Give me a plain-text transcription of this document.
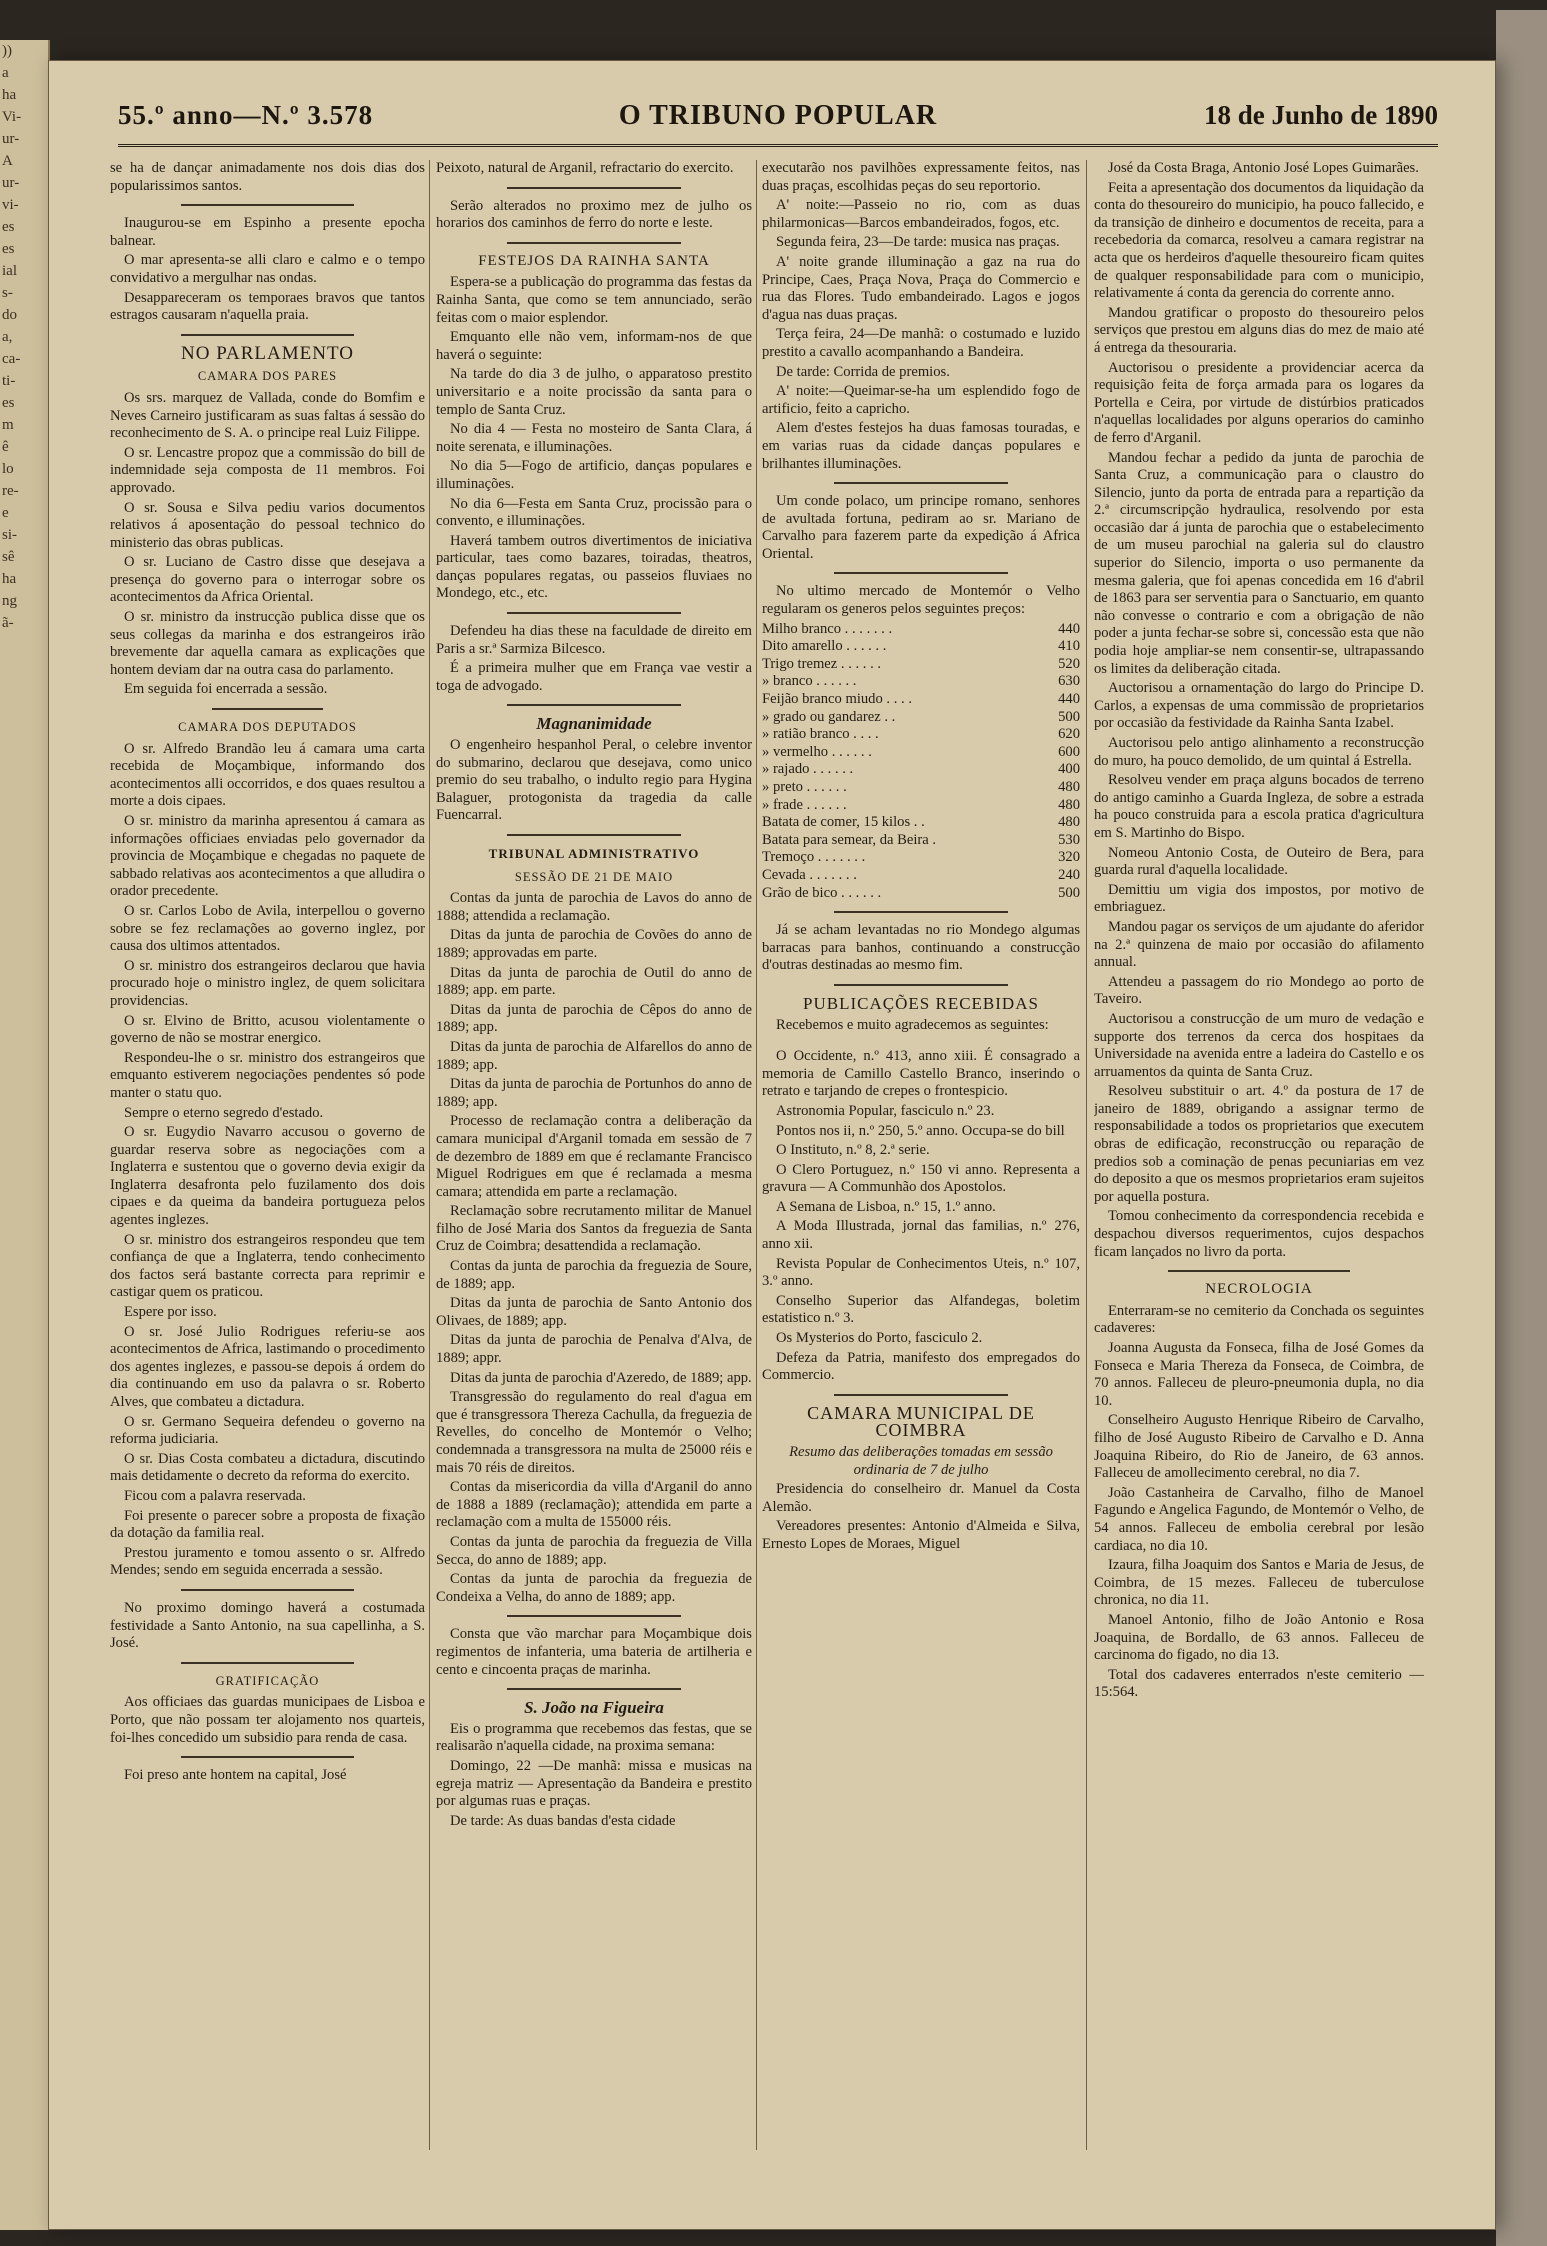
))
a
ha
Vi-
ur-
A
ur-
vi-
es
es
ial
s-
do
a,
ca-
ti-
es
m
ê
lo
re-
e
si-
sê
ha
ng
ã-
55.º anno—N.º 3.578	O TRIBUNO POPULAR	18 de Junho de 1890

se ha de dançar animadamente nos dois dias dos popularissimos santos.

Inaugurou-se em Espinho a presente epocha balnear.

O mar apresenta-se alli claro e calmo e o tempo convidativo a mergulhar nas ondas.

Desappareceram os temporaes bravos que tantos estragos causaram n'aquella praia.

NO PARLAMENTO
CAMARA DOS PARES

Os srs. marquez de Vallada, conde do Bomfim e Neves Carneiro justificaram as suas faltas á sessão do reconhecimento de S. A. o principe real Luiz Filippe.

O sr. Lencastre propoz que a commissão do bill de indemnidade seja composta de 11 membros. Foi approvado.

O sr. Sousa e Silva pediu varios documentos relativos á aposentação do pessoal technico do ministerio das obras publicas.

O sr. Luciano de Castro disse que desejava a presença do governo para o interrogar sobre os acontecimentos da Africa Oriental.

O sr. ministro da instrucção publica disse que os seus collegas da marinha e dos estrangeiros irão brevemente dar aquella camara as explicações que hontem deviam dar na outra casa do parlamento.

Em seguida foi encerrada a sessão.

CAMARA DOS DEPUTADOS

O sr. Alfredo Brandão leu á camara uma carta recebida de Moçambique, informando dos acontecimentos alli occorridos, e dos quaes resultou a morte a dois cipaes.

O sr. ministro da marinha apresentou á camara as informações officiaes enviadas pelo governador da provincia de Moçambique e chegadas no paquete de sabbado relativas aos acontecimentos a que alludira o orador precedente.

O sr. Carlos Lobo de Avila, interpellou o governo sobre se fez reclamações ao governo inglez, por causa dos ultimos attentados.

O sr. ministro dos estrangeiros declarou que havia procurado hoje o ministro inglez, de quem solicitara providencias.

O sr. Elvino de Britto, acusou violentamente o governo de não se mostrar energico.

Respondeu-lhe o sr. ministro dos estrangeiros que emquanto estiverem negociações pendentes só pode manter o statu quo.

Sempre o eterno segredo d'estado.

O sr. Eugydio Navarro accusou o governo de guardar reserva sobre as negociações com a Inglaterra e sustentou que o governo devia exigir da Inglaterra desafronta pelo fuzilamento dos dois cipaes e da queima da bandeira portugueza pelos agentes inglezes.

O sr. ministro dos estrangeiros respondeu que tem confiança de que a Inglaterra, tendo conhecimento dos factos será bastante correcta para reprimir e castigar quem os praticou.

Espere por isso.

O sr. José Julio Rodrigues referiu-se aos acontecimentos de Africa, lastimando o procedimento dos agentes inglezes, e passou-se depois á ordem do dia continuando em uso da palavra o sr. Roberto Alves, que combateu a dictadura.

O sr. Germano Sequeira defendeu o governo na reforma judiciaria.

O sr. Dias Costa combateu a dictadura, discutindo mais detidamente o decreto da reforma do exercito.

Ficou com a palavra reservada.

Foi presente o parecer sobre a proposta de fixação da dotação da familia real.

Prestou juramento e tomou assento o sr. Alfredo Mendes; sendo em seguida encerrada a sessão.

No proximo domingo haverá a costumada festividade a Santo Antonio, na sua capellinha, a S. José.

GRATIFICAÇÃO

Aos officiaes das guardas municipaes de Lisboa e Porto, que não possam ter alojamento nos quarteis, foi-lhes concedido um subsidio para renda de casa.

Foi preso ante hontem na capital, José

Peixoto, natural de Arganil, refractario do exercito.

Serão alterados no proximo mez de julho os horarios dos caminhos de ferro do norte e leste.

FESTEJOS DA RAINHA SANTA

Espera-se a publicação do programma das festas da Rainha Santa, que como se tem annunciado, serão feitas com o maior esplendor.

Emquanto elle não vem, informam-nos de que haverá o seguinte:

Na tarde do dia 3 de julho, o apparatoso prestito universitario e a noite procissão da santa para o templo de Santa Cruz.

No dia 4 — Festa no mosteiro de Santa Clara, á noite serenata, e illuminações.

No dia 5—Fogo de artificio, danças populares e illuminações.

No dia 6—Festa em Santa Cruz, procissão para o convento, e illuminações.

Haverá tambem outros divertimentos de iniciativa particular, taes como bazares, toiradas, theatros, danças populares regatas, ou passeios fluviaes no Mondego, etc., etc.

Defendeu ha dias these na faculdade de direito em Paris a sr.ª Sarmiza Bilcesco.

É a primeira mulher que em França vae vestir a toga de advogado.

Magnanimidade

O engenheiro hespanhol Peral, o celebre inventor do submarino, declarou que desejava, como unico premio do seu trabalho, o indulto regio para Hygina Balaguer, protogonista da tragedia da calle Fuencarral.

TRIBUNAL ADMINISTRATIVO
SESSÃO DE 21 DE MAIO

Contas da junta de parochia de Lavos do anno de 1888; attendida a reclamação.

Ditas da junta de parochia de Covões do anno de 1889; approvadas em parte.

Ditas da junta de parochia de Outil do anno de 1889; app. em parte.

Ditas da junta de parochia de Cêpos do anno de 1889; app.

Ditas da junta de parochia de Alfarellos do anno de 1889; app.

Ditas da junta de parochia de Portunhos do anno de 1889; app.

Processo de reclamação contra a deliberação da camara municipal d'Arganil tomada em sessão de 7 de dezembro de 1889 em que é reclamante Francisco Miguel Rodrigues em que é reclamada a mesma camara; attendida em parte a reclamação.

Reclamação sobre recrutamento militar de Manuel filho de José Maria dos Santos da freguezia de Santa Cruz de Coimbra; desattendida a reclamação.

Contas da junta de parochia da freguezia de Soure, de 1889; app.

Ditas da junta de parochia de Santo Antonio dos Olivaes, de 1889; app.

Ditas da junta de parochia de Penalva d'Alva, de 1889; appr.

Ditas da junta de parochia d'Azeredo, de 1889; app.

Transgressão do regulamento do real d'agua em que é transgressora Thereza Cachulla, da freguezia de Revelles, do concelho de Montemór o Velho; condemnada a transgressora na multa de 25000 réis e mais 70 réis de direitos.

Contas da misericordia da villa d'Arganil do anno de 1888 a 1889 (reclamação); attendida em parte a reclamação com a multa de 155000 réis.

Contas da junta de parochia da freguezia de Villa Secca, do anno de 1889; app.

Contas da junta de parochia da freguezia de Condeixa a Velha, do anno de 1889; app.

Consta que vão marchar para Moçambique dois regimentos de infanteria, uma bateria de artilheria e cento e cincoenta praças de marinha.

S. João na Figueira

Eis o programma que recebemos das festas, que se realisarão n'aquella cidade, na proxima semana:

Domingo, 22 —De manhã: missa e musicas na egreja matriz — Apresentação da Bandeira e prestito por algumas ruas e praças.

De tarde: As duas bandas d'esta cidade

executarão nos pavilhões expressamente feitos, nas duas praças, escolhidas peças do seu reportorio.

A' noite:—Passeio no rio, com as duas philarmonicas—Barcos embandeirados, fogos, etc.

Segunda feira, 23—De tarde: musica nas praças.

A' noite grande illuminação a gaz na rua do Principe, Caes, Praça Nova, Praça do Commercio e rua das Flores. Tudo embandeirado. Lagos e jogos d'agua nas duas praças.

Terça feira, 24—De manhã: o costumado e luzido prestito a cavallo acompanhando a Bandeira.

De tarde: Corrida de premios.

A' noite:—Queimar-se-ha um esplendido fogo de artificio, feito a capricho.

Alem d'estes festejos ha duas famosas touradas, e em varias ruas da cidade danças populares e brilhantes illuminações.

Um conde polaco, um principe romano, senhores de avultada fortuna, pediram ao sr. Mariano de Carvalho para fazerem parte da expedição á Africa Oriental.

No ultimo mercado de Montemór o Velho regularam os generos pelos seguintes preços:

Milho branco . . . . . . .	440
Dito amarello . . . . . .	410
Trigo tremez . . . . . .	520
» branco . . . . . .	630
Feijão branco miudo . . . .	440
» grado ou gandarez . .	500
» ratião branco . . . .	620
» vermelho . . . . . .	600
» rajado . . . . . .	400
» preto . . . . . .	480
» frade . . . . . .	480
Batata de comer, 15 kilos . .	480
Batata para semear, da Beira .	530
Tremoço . . . . . . .	320
Cevada . . . . . . .	240
Grão de bico . . . . . .	500

Já se acham levantadas no rio Mondego algumas barracas para banhos, continuando a construcção d'outras destinadas ao mesmo fim.

PUBLICAÇÕES RECEBIDAS

Recebemos e muito agradecemos as seguintes:

O Occidente, n.º 413, anno xiii. É consagrado a memoria de Camillo Castello Branco, inserindo o retrato e tarjando de crepes o frontespicio.

Astronomia Popular, fasciculo n.º 23.

Pontos nos ii, n.º 250, 5.º anno. Occupa-se do bill

O Instituto, n.º 8, 2.ª serie.

O Clero Portuguez, n.º 150 vi anno. Representa a gravura — A Communhão dos Apostolos.

A Semana de Lisboa, n.º 15, 1.º anno.

A Moda Illustrada, jornal das familias, n.º 276, anno xii.

Revista Popular de Conhecimentos Uteis, n.º 107, 3.º anno.

Conselho Superior das Alfandegas, boletim estatistico n.º 3.

Os Mysterios do Porto, fasciculo 2.

Defeza da Patria, manifesto dos empregados do Commercio.

CAMARA MUNICIPAL DE COIMBRA

Resumo das deliberações tomadas em sessão ordinaria de 7 de julho

Presidencia do conselheiro dr. Manuel da Costa Alemão.

Vereadores presentes: Antonio d'Almeida e Silva, Ernesto Lopes de Moraes, Miguel

José da Costa Braga, Antonio José Lopes Guimarães.

Feita a apresentação dos documentos da liquidação da conta do thesoureiro do municipio, ha pouco fallecido, e da transição de dinheiro e documentos de receita, para a recebedoria da comarca, resolveu a camara registrar na acta que os herdeiros d'aquelle thesoureiro ficam quites de qualquer responsabilidade para com o municipio, relativamente á conta da gerencia do corrente anno.

Mandou gratificar o proposto do thesoureiro pelos serviços que prestou em alguns dias do mez de maio até á entrega da thesouraria.

Auctorisou o presidente a providenciar acerca da requisição feita de força armada para os logares da Portella e Ceira, por virtude de distúrbios praticados n'aquellas localidades por alguns operarios do caminho de ferro d'Arganil.

Mandou fechar a pedido da junta de parochia de Santa Cruz, a communicação para o claustro do Silencio, junto da porta de entrada para a repartição da 2.ª circumscripção hydraulica, resolvendo por esta occasião dar á junta de parochia que o estabelecimento de um museu parochial na galeria sul do claustro superior do Silencio, importa o uso permanente da mesma galeria, que foi apenas concedida em 16 d'abril de 1863 para ser serventia para o Sanctuario, em quanto não convesse o contrario e com a obrigação de não poder a junta fechar-se sobre si, concessão esta que não podia hoje ampliar-se nem consentir-se, ultrapassando os limites da deliberação citada.

Auctorisou a ornamentação do largo do Principe D. Carlos, a expensas de uma commissão de proprietarios por occasião da festividade da Rainha Santa Izabel.

Auctorisou pelo antigo alinhamento a reconstrucção do muro, ha pouco demolido, de um quintal á Estrella.

Resolveu vender em praça alguns bocados de terreno do antigo caminho a Guarda Ingleza, de sobre a estrada ha pouco construida para a escola pratica d'agricultura em S. Martinho do Bispo.

Nomeou Antonio Costa, de Outeiro de Bera, para guarda rural d'aquella localidade.

Demittiu um vigia dos impostos, por motivo de embriaguez.

Mandou pagar os serviços de um ajudante do aferidor na 2.ª quinzena de maio por occasião do afilamento annual.

Attendeu a passagem do rio Mondego ao porto de Taveiro.

Auctorisou a construcção de um muro de vedação e supporte dos terrenos da cerca dos hospitaes da Universidade na avenida entre a ladeira do Castello e os arruamentos da quinta de Santa Cruz.

Resolveu substituir o art. 4.º da postura de 17 de janeiro de 1889, obrigando a assignar termo de responsabilidade a todos os proprietarios que executem obras de edificação, reconstrucção ou reparação de predios sob a cominação de penas pecuniarias em vez do deposito a que os mesmos proprietarios eram sujeitos por aquella postura.

Tomou conhecimento da correspondencia recebida e despachou diversos requerimentos, cujos despachos ficam lançados no livro da porta.

NECROLOGIA

Enterraram-se no cemiterio da Conchada os seguintes cadaveres:

Joanna Augusta da Fonseca, filha de José Gomes da Fonseca e Maria Thereza da Fonseca, de Coimbra, de 70 annos. Falleceu de pleuro-pneumonia dupla, no dia 10.

Conselheiro Augusto Henrique Ribeiro de Carvalho, filho de José Augusto Ribeiro de Carvalho e D. Anna Joaquina Ribeiro, do Rio de Janeiro, de 63 annos. Falleceu de amollecimento cerebral, no dia 7.

João Castanheira de Carvalho, filho de Manoel Fagundo e Angelica Fagundo, de Montemór o Velho, de 54 annos. Falleceu de embolia cerebral por lesão cardiaca, no dia 10.

Izaura, filha Joaquim dos Santos e Maria de Jesus, de Coimbra, de 15 mezes. Falleceu de tuberculose chronica, no dia 11.

Manoel Antonio, filho de João Antonio e Rosa Joaquina, de Bordallo, de 63 annos. Falleceu de carcinoma do figado, no dia 13.

Total dos cadaveres enterrados n'este cemiterio —15:564.
